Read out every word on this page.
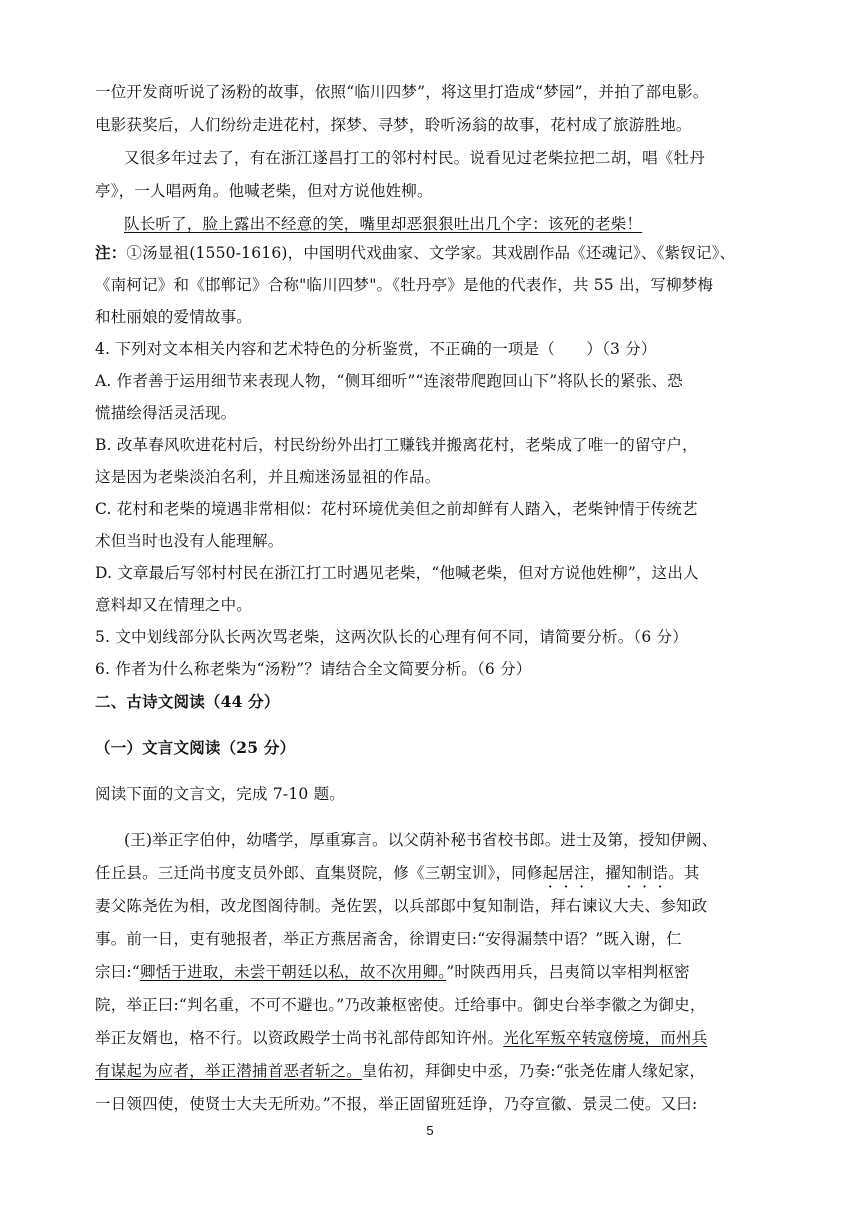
一位开发商听说了汤粉的故事，依照“临川四梦”，将这里打造成“梦园”，并拍了部电影。
电影获奖后，人们纷纷走进花村，探梦、寻梦，聆听汤翁的故事，花村成了旅游胜地。
又很多年过去了，有在浙江遂昌打工的邻村村民。说看见过老柴拉把二胡，唱《牡丹
亭》，一人唱两角。他喊老柴，但对方说他姓柳。
队长听了，脸上露出不经意的笑，嘴里却恶狠狠吐出几个字：该死的老柴！
注：①汤显祖(1550-1616)，中国明代戏曲家、文学家。其戏剧作品《还魂记》、《紫钗记》、
《南柯记》和《邯郸记》合称"临川四梦"。《牡丹亭》是他的代表作，共 55 出，写柳梦梅
和杜丽娘的爱情故事。
4. 下列对文本相关内容和艺术特色的分析鉴赏，不正确的一项是（　　）（3 分）
A. 作者善于运用细节来表现人物，“侧耳细听”“连滚带爬跑回山下”将队长的紧张、恐
慌描绘得活灵活现。
B. 改革春风吹进花村后，村民纷纷外出打工赚钱并搬离花村，老柴成了唯一的留守户，
这是因为老柴淡泊名利，并且痴迷汤显祖的作品。
C. 花村和老柴的境遇非常相似：花村环境优美但之前却鲜有人踏入，老柴钟情于传统艺
术但当时也没有人能理解。
D. 文章最后写邻村村民在浙江打工时遇见老柴，“他喊老柴，但对方说他姓柳”，这出人
意料却又在情理之中。
5. 文中划线部分队长两次骂老柴，这两次队长的心理有何不同，请简要分析。（6 分）
6. 作者为什么称老柴为“汤粉”？请结合全文简要分析。（6 分）
二、古诗文阅读（44 分）
（一）文言文阅读（25 分）
阅读下面的文言文，完成 7-10 题。
(王)举正字伯仲，幼嗜学，厚重寡言。以父荫补秘书省校书郎。进士及第，授知伊阙、
任丘县。三迁尚书度支员外郎、直集贤院，修《三朝宝训》，同修起居注，擢知制诰。其
妻父陈尧佐为相，改龙图阁待制。尧佐罢，以兵部郎中复知制诰，拜右谏议大夫、参知政
事。前一日，吏有驰报者，举正方燕居斋舍，徐谓吏曰:“安得漏禁中语？”既入谢，仁
宗曰:“卿恬于进取，未尝干朝廷以私，故不次用卿。”时陕西用兵，吕夷简以宰相判枢密
院，举正曰:“判名重，不可不避也。”乃改兼枢密使。迁给事中。御史台举李徽之为御史，
举正友婿也，格不行。以资政殿学士尚书礼部侍郎知许州。光化军叛卒转寇傍境，而州兵
有谋起为应者，举正潜捕首恶者斩之。皇佑初，拜御史中丞，乃奏:“张尧佐庸人缘妃家，
一日领四使，使贤士大夫无所劝。”不报，举正固留班廷诤，乃夺宣徽、景灵二使。又曰:
5
